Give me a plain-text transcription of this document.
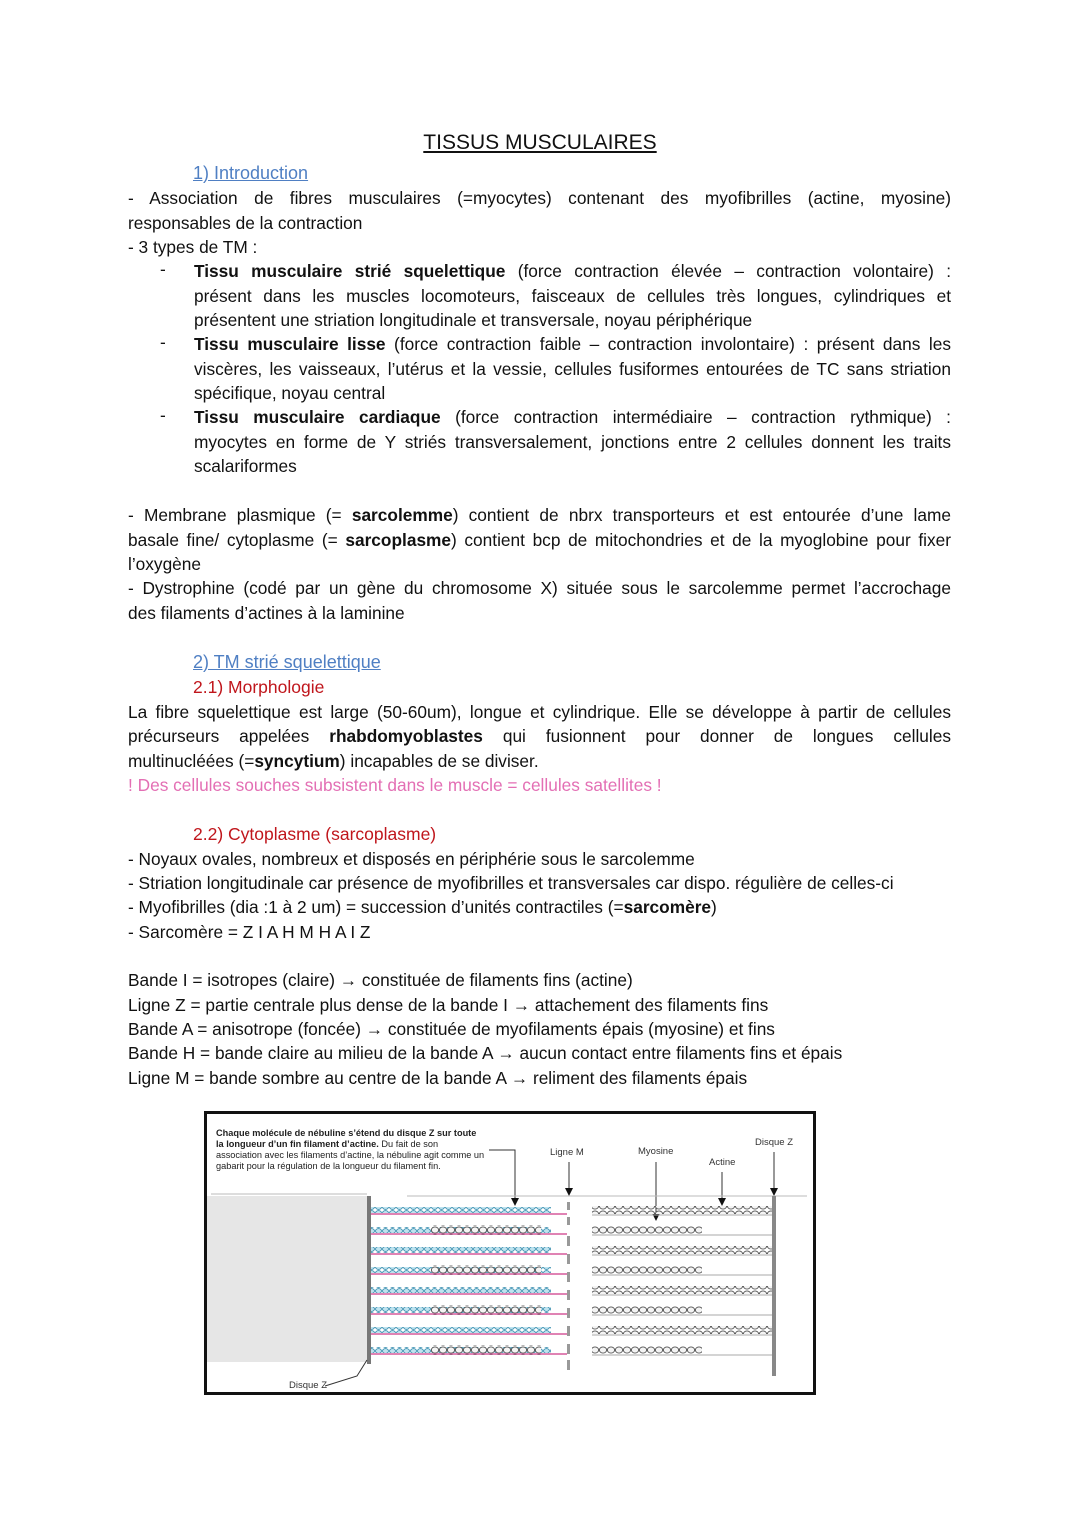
TISSUS MUSCULAIRES
1) Introduction
- Association de fibres musculaires (=myocytes) contenant des myofibrilles (actine, myosine)
responsables de la contraction
- 3 types de TM :
- Tissu musculaire strié squelettique (force contraction élevée – contraction volontaire) :
présent dans les muscles locomoteurs, faisceaux de cellules très longues, cylindriques et
présentent une striation longitudinale et transversale, noyau périphérique
- Tissu musculaire lisse (force contraction faible – contraction involontaire) : présent dans les
viscères, les vaisseaux, l’utérus et la vessie, cellules fusiformes entourées de TC sans striation
spécifique, noyau central
- Tissu musculaire cardiaque (force contraction intermédiaire – contraction rythmique) :
myocytes en forme de Y striés transversalement, jonctions entre 2 cellules donnent les traits
scalariformes
- Membrane plasmique (= sarcolemme) contient de nbrx transporteurs et est entourée d’une lame
basale fine/ cytoplasme (= sarcoplasme) contient bcp de mitochondries et de la myoglobine pour fixer
l’oxygène
- Dystrophine (codé par un gène du chromosome X) située sous le sarcolemme permet l’accrochage
des filaments d’actines à la laminine
2) TM strié squelettique
2.1) Morphologie
La fibre squelettique est large (50-60um), longue et cylindrique. Elle se développe à partir de cellules
précurseurs appelées rhabdomyoblastes qui fusionnent pour donner de longues cellules
multinucléées (=syncytium) incapables de se diviser.
! Des cellules souches subsistent dans le muscle = cellules satellites !
2.2) Cytoplasme (sarcoplasme)
- Noyaux ovales, nombreux et disposés en périphérie sous le sarcolemme
- Striation longitudinale car présence de myofibrilles et transversales car dispo. régulière de celles-ci
- Myofibrilles (dia :1 à 2 um) = succession d’unités contractiles (=sarcomère)
- Sarcomère = Z I A H M H A I Z
Bande I = isotropes (claire) → constituée de filaments fins (actine)
Ligne Z = partie centrale plus dense de la bande I → attachement des filaments fins
Bande A = anisotrope (foncée) → constituée de myofilaments épais (myosine) et fins
Bande H = bande claire au milieu de la bande A → aucun contact entre filaments fins et épais
Ligne M = bande sombre au centre de la bande A → reliment des filaments épais
Chaque molécule de nébuline s’étend du disque Z sur toute la longueur d’un fin filament d’actine. Du fait de son association avec les filaments d’actine, la nébuline agit comme un gabarit pour la régulation de la longueur du filament fin.
Ligne M	Myosine
Actine
Disque Z
Disque Z
